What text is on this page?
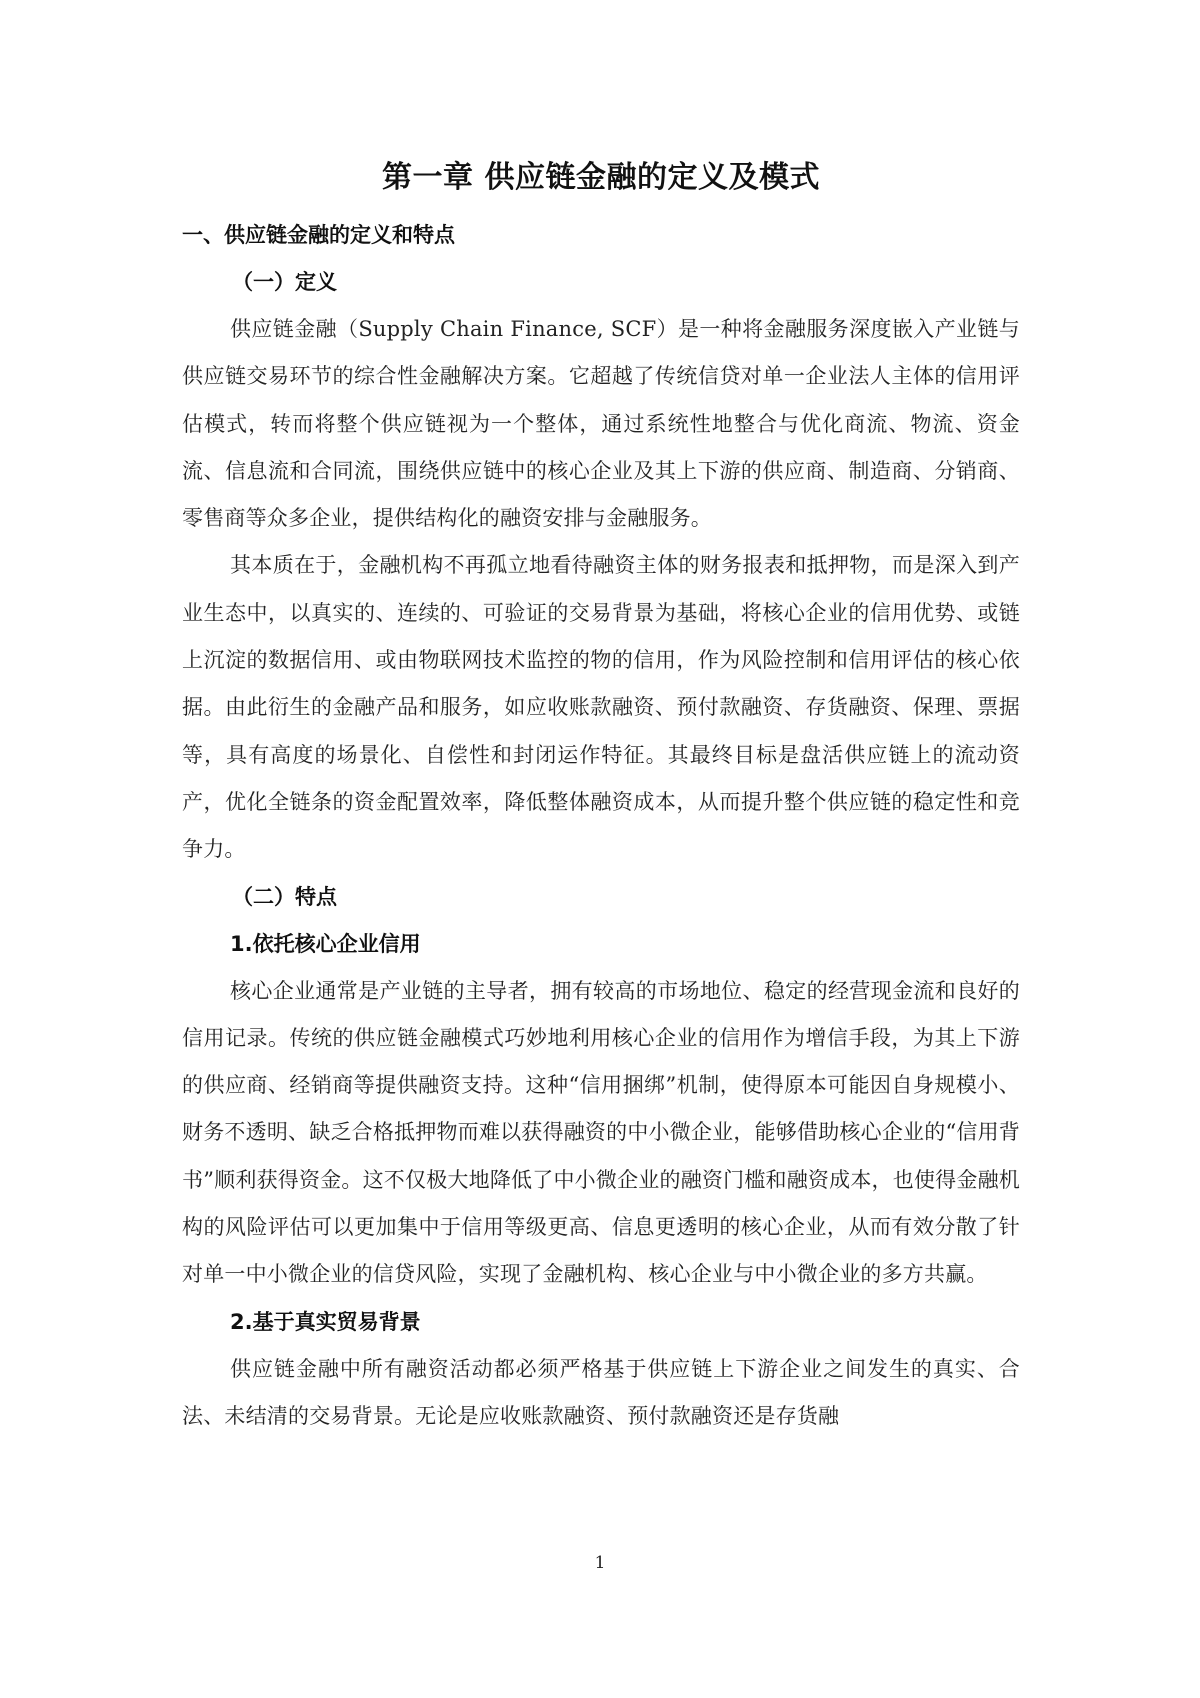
第一章 供应链金融的定义及模式
一、供应链金融的定义和特点
（一）定义

供应链金融（Supply Chain Finance, SCF）是一种将金融服务深度嵌入产业链与供应链交易环节的综合性金融解决方案。它超越了传统信贷对单一企业法人主体的信用评估模式，转而将整个供应链视为一个整体，通过系统性地整合与优化商流、物流、资金流、信息流和合同流，围绕供应链中的核心企业及其上下游的供应商、制造商、分销商、零售商等众多企业，提供结构化的融资安排与金融服务。

其本质在于，金融机构不再孤立地看待融资主体的财务报表和抵押物，而是深入到产业生态中，以真实的、连续的、可验证的交易背景为基础，将核心企业的信用优势、或链上沉淀的数据信用、或由物联网技术监控的物的信用，作为风险控制和信用评估的核心依据。由此衍生的金融产品和服务，如应收账款融资、预付款融资、存货融资、保理、票据等，具有高度的场景化、自偿性和封闭运作特征。其最终目标是盘活供应链上的流动资产，优化全链条的资金配置效率，降低整体融资成本，从而提升整个供应链的稳定性和竞争力。

（二）特点
1.依托核心企业信用

核心企业通常是产业链的主导者，拥有较高的市场地位、稳定的经营现金流和良好的信用记录。传统的供应链金融模式巧妙地利用核心企业的信用作为增信手段，为其上下游的供应商、经销商等提供融资支持。这种“信用捆绑”机制，使得原本可能因自身规模小、财务不透明、缺乏合格抵押物而难以获得融资的中小微企业，能够借助核心企业的“信用背书”顺利获得资金。这不仅极大地降低了中小微企业的融资门槛和融资成本，也使得金融机构的风险评估可以更加集中于信用等级更高、信息更透明的核心企业，从而有效分散了针对单一中小微企业的信贷风险，实现了金融机构、核心企业与中小微企业的多方共赢。

2.基于真实贸易背景

供应链金融中所有融资活动都必须严格基于供应链上下游企业之间发生的真实、合法、未结清的交易背景。无论是应收账款融资、预付款融资还是存货融

1
